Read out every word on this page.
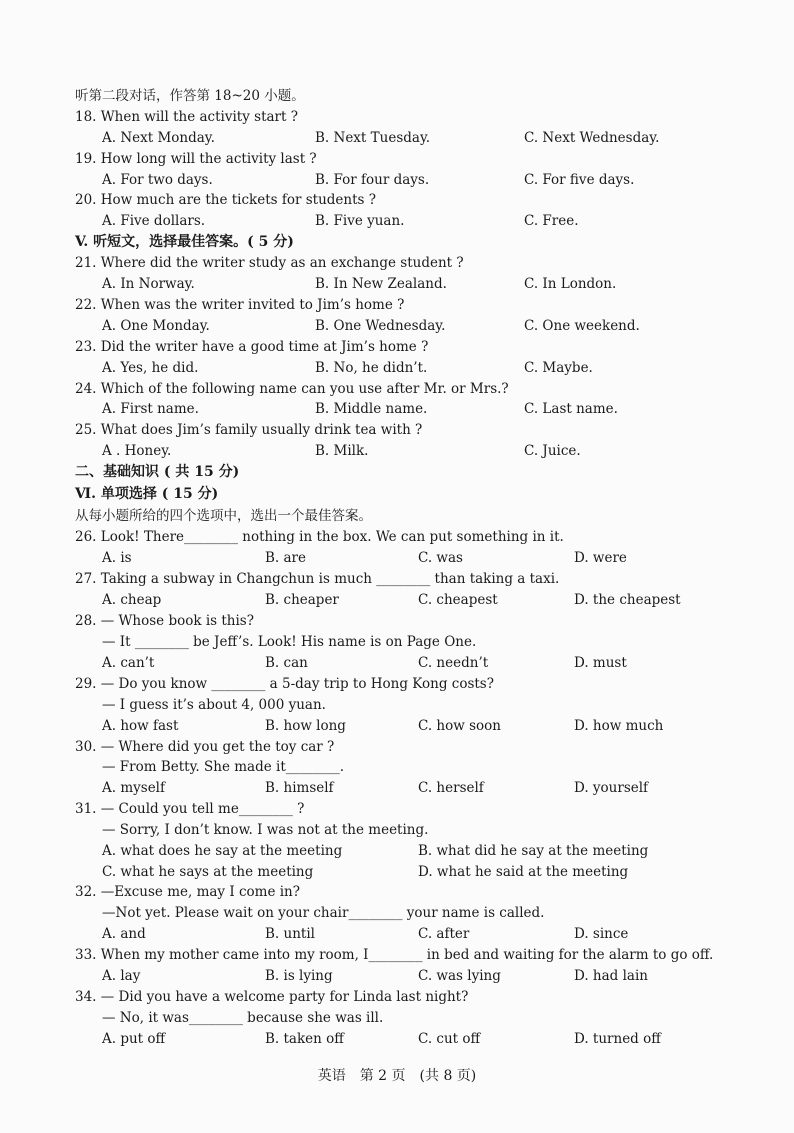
听第二段对话，作答第 18~20 小题。
18. When will the activity start ?
A. Next Monday.	B. Next Tuesday.	C. Next Wednesday.
19. How long will the activity last ?
A. For two days.	B. For four days.	C. For five days.
20. How much are the tickets for students ?
A. Five dollars.	B. Five yuan.	C. Free.
V. 听短文，选择最佳答案。( 5 分)
21. Where did the writer study as an exchange student ?
A. In Norway.	B. In New Zealand.	C. In London.
22. When was the writer invited to Jim’s home ?
A. One Monday.	B. One Wednesday.	C. One weekend.
23. Did the writer have a good time at Jim’s home ?
A. Yes, he did.	B. No, he didn’t.	C. Maybe.
24. Which of the following name can you use after Mr. or Mrs.?
A. First name.	B. Middle name.	C. Last name.
25. What does Jim’s family usually drink tea with ?
A . Honey.	B. Milk.	C. Juice.
二、基础知识 ( 共 15 分)
Ⅵ. 单项选择 ( 15 分)
从每小题所给的四个选项中，选出一个最佳答案。
26. Look! There________ nothing in the box. We can put something in it.
A. is	B. are	C. was	D. were
27. Taking a subway in Changchun is much ________ than taking a taxi.
A. cheap	B. cheaper	C. cheapest	D. the cheapest
28. — Whose book is this?
— It ________ be Jeff’s. Look! His name is on Page One.
A. can’t	B. can	C. needn’t	D. must
29. — Do you know ________ a 5-day trip to Hong Kong costs?
— I guess it’s about 4, 000 yuan.
A. how fast	B. how long	C. how soon	D. how much
30. — Where did you get the toy car ?
— From Betty. She made it________.
A. myself	B. himself	C. herself	D. yourself
31. — Could you tell me________ ?
— Sorry, I don’t know. I was not at the meeting.
A. what does he say at the meeting	B. what did he say at the meeting
C. what he says at the meeting	D. what he said at the meeting
32. —Excuse me, may I come in?
—Not yet. Please wait on your chair________ your name is called.
A. and	B. until	C. after	D. since
33. When my mother came into my room, I________ in bed and waiting for the alarm to go off.
A. lay	B. is lying	C. was lying	D. had lain
34. — Did you have a welcome party for Linda last night?
— No, it was________ because she was ill.
A. put off	B. taken off	C. cut off	D. turned off
英语　第 2 页　(共 8 页)
